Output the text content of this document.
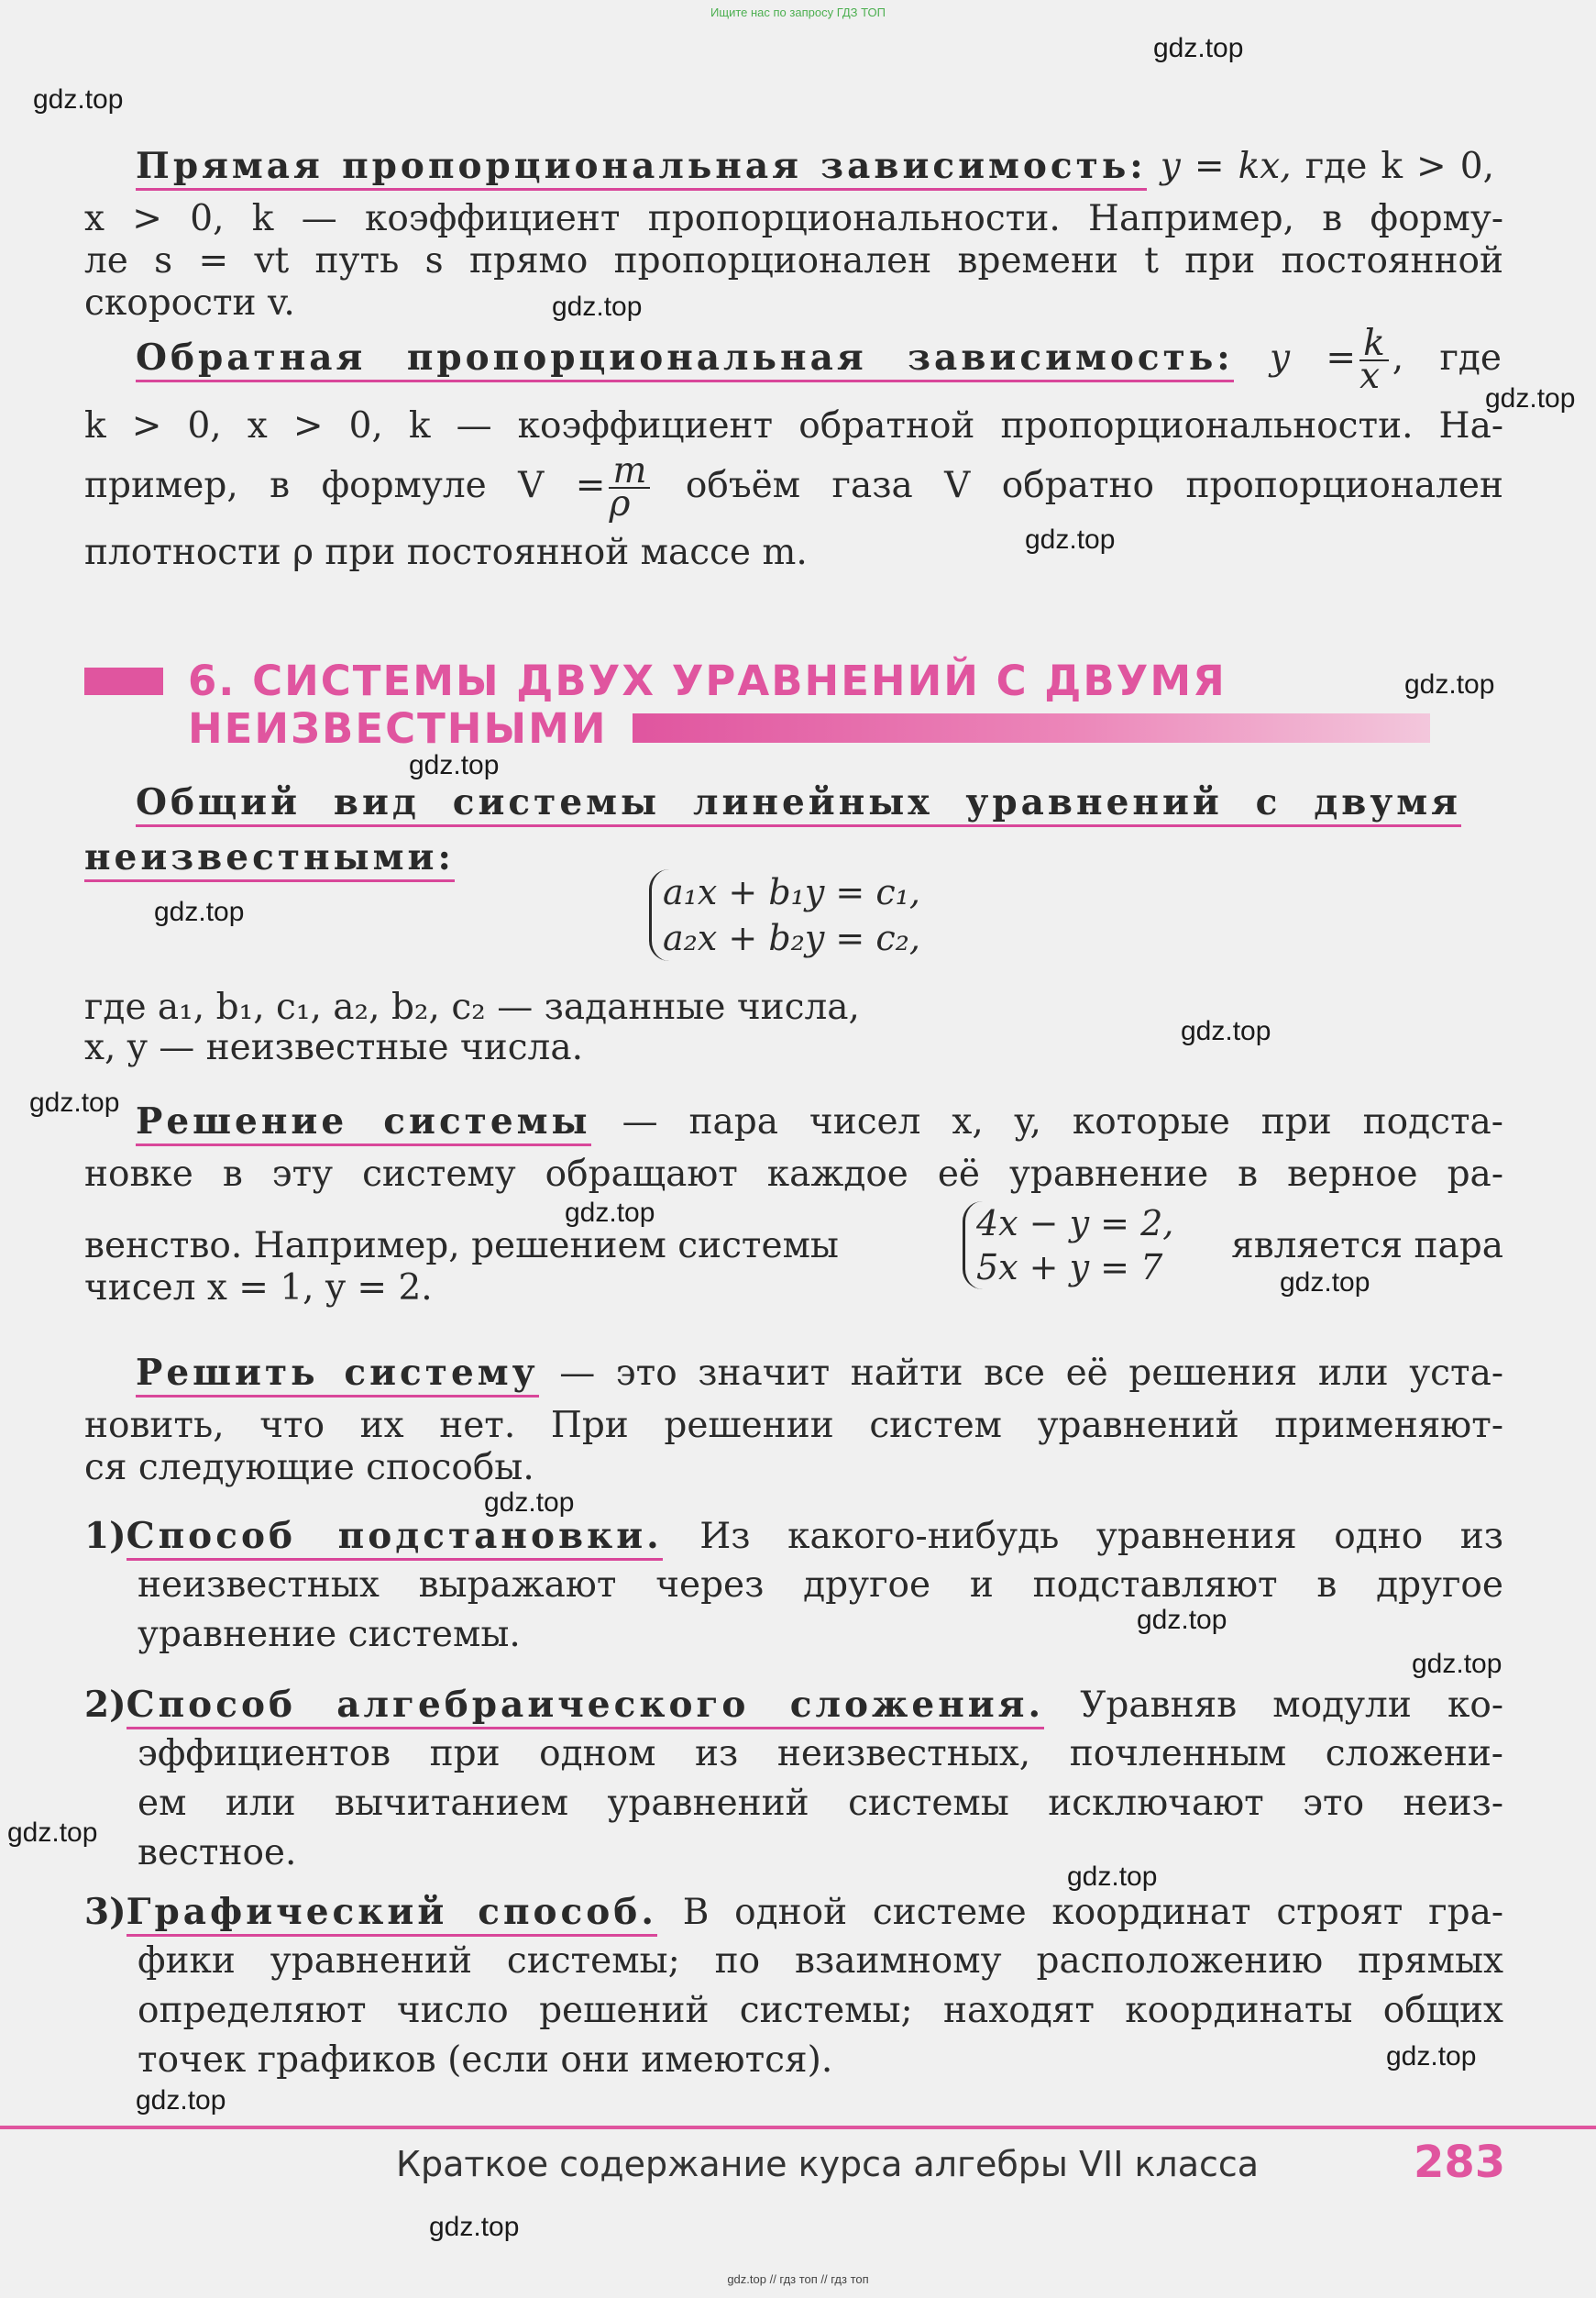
Ищите нас по запросу ГДЗ ТОП
gdz.top
gdz.top
gdz.top
gdz.top
gdz.top
gdz.top
gdz.top
gdz.top
gdz.top
gdz.top
gdz.top
gdz.top
gdz.top
gdz.top
gdz.top
gdz.top
gdz.top
gdz.top
gdz.top
gdz.top
Прямая пропорциональная зависимость: y = kx, где k > 0,
x > 0, k — коэффициент пропорциональности. Например, в форму-
ле s = vt путь s прямо пропорционален времени t при постоянной
скорости v.
Обратная пропорциональная зависимость: $y = \frac{k}{x}$ , где
k > 0, x > 0, k — коэффициент обратной пропорциональности. На-
пример, в формуле $V = \frac{m}{\rho}$ объём газа V обратно пропорционален
плотности ρ при постоянной массе m.
6. СИСТЕМЫ ДВУХ УРАВНЕНИЙ С ДВУМЯ
НЕИЗВЕСТНЫМИ
Общий вид системы линейных уравнений с двумя
неизвестными:
a₁x + b₁y = c₁,
a₂x + b₂y = c₂,
где a₁, b₁, c₁, a₂, b₂, c₂ — заданные числа,
x, y — неизвестные числа.
Решение системы — пара чисел x, y, которые при подста-
новке в эту систему обращают каждое её уравнение в верное ра-
венство. Например, решением системы
4x − y = 2,
5x + y = 7
является пара
чисел x = 1, y = 2.
Решить систему — это значит найти все её решения или уста-
новить, что их нет. При решении систем уравнений применяют-
ся следующие способы.
1)Способ подстановки. Из какого-нибудь уравнения одно из
неизвестных выражают через другое и подставляют в другое
уравнение системы.
2)Способ алгебраического сложения. Уравняв модули ко-
эффициентов при одном из неизвестных, почленным сложени-
ем или вычитанием уравнений системы исключают это неиз-
вестное.
3)Графический способ. В одной системе координат строят гра-
фики уравнений системы; по взаимному расположению прямых
определяют число решений системы; находят координаты общих
точек графиков (если они имеются).
Краткое содержание курса алгебры VII класса	283
gdz.top // гдз топ // гдз топ
